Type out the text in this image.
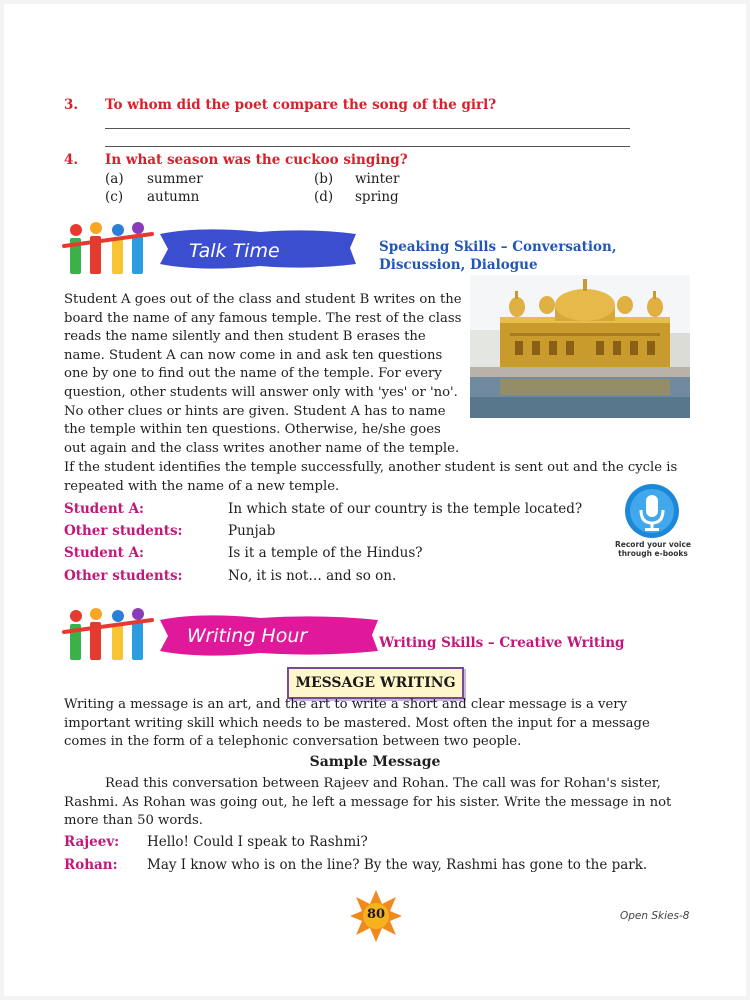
3. To whom did the poet compare the song of the girl?
4. In what season was the cuckoo singing?
(a) summer	(b) winter
(c) autumn	(d) spring
Talk Time	Speaking Skills – Conversation,
Discussion, Dialogue
Student A goes out of the class and student B writes on the
board the name of any famous temple. The rest of the class
reads the name silently and then student B erases the
name. Student A can now come in and ask ten questions
one by one to find out the name of the temple. For every
question, other students will answer only with 'yes' or 'no'.
No other clues or hints are given. Student A has to name
the temple within ten questions. Otherwise, he/she goes
out again and the class writes another name of the temple.
If the student identifies the temple successfully, another student is sent out and the cycle is
repeated with the name of a new temple.
Student A:	In which state of our country is the temple located?
Other students:	Punjab
Student A:	Is it a temple of the Hindus?
Other students:	No, it is not… and so on.
Record your voice
through e-books
Writing Hour	Writing Skills – Creative Writing
MESSAGE WRITING
Writing a message is an art, and the art to write a short and clear message is a very
important writing skill which needs to be mastered. Most often the input for a message
comes in the form of a telephonic conversation between two people.
Sample Message
Read this conversation between Rajeev and Rohan. The call was for Rohan's sister,
Rashmi. As Rohan was going out, he left a message for his sister. Write the message in not
more than 50 words.
Rajeev: Hello! Could I speak to Rashmi?
Rohan: May I know who is on the line? By the way, Rashmi has gone to the park.
80	Open Skies-8
